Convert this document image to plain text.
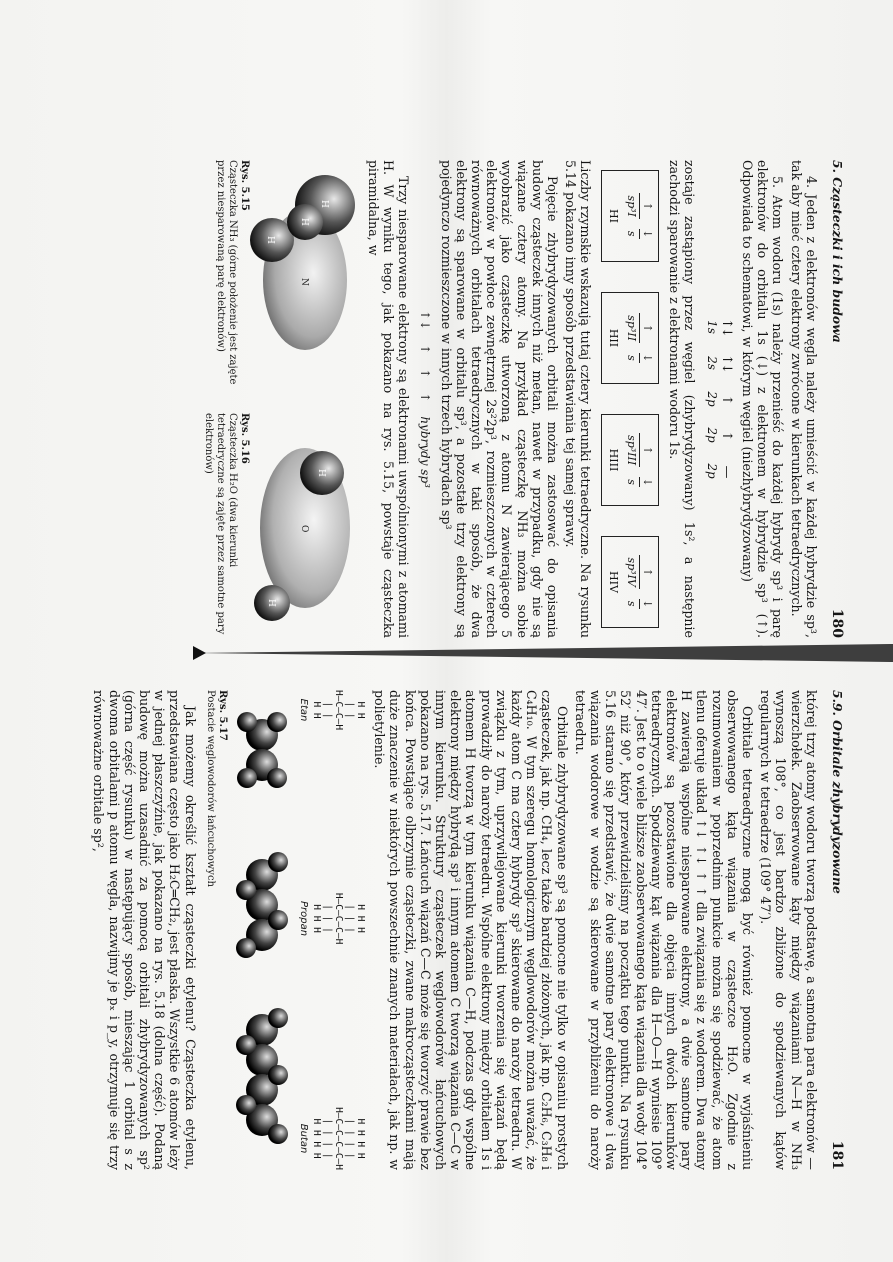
5. Cząsteczki i ich budowa
180

4. Jeden z elektronów węgla należy umieścić w każdej hybrydzie sp³, tak aby mieć cztery elektrony zwrócone w kierunkach tetraedrycznych.

5. Atom wodoru (1s) należy przenieść do każdej hybrydy sp³ i parę elektronów do orbitalu 1s (↓) z elektronem w hybrydzie sp³ (↑). Odpowiada to schematowi, w którym węgiel (niezhybrydyzowany)

↑↓
1s
↑↓
2s
↑
2p
↑
2p
—
2p

zostaje zastąpiony przez węgiel (zhybrydyzowany) 1s², a następnie zachodzi sparowanie z elektronami wodoru 1s.

↑
sp³I
↓
s
HI
↑
sp³II
↓
s
HII
↑
sp³III
↓
s
HIII
↑
sp³IV
↓
s
HIV

Liczby rzymskie wskazują tutaj cztery kierunki tetraedryczne. Na rysunku 5.14 pokazano inny sposób przedstawiania tej samej sprawy.

Pojęcie zhybrydyzowanych orbitali można zastosować do opisania budowy cząsteczek innych niż metan, nawet w przypadku, gdy nie są wiązane cztery atomy. Na przykład cząsteczkę NH₃ można sobie wyobrazić jako cząsteczkę utworzoną z atomu N zawierającego 5 elektronów w powłoce zewnętrznej 2s²2p³, rozmieszczonych w czterech równoważnych orbitalach tetraedrycznych w taki sposób, że dwa elektrony są sparowane w orbitalu sp³, a pozostałe trzy elektrony są pojedynczo rozmieszczone w innych trzech hybrydach sp³

↑↓
↑
↑
↑
hybrydy sp³

Trzy niesparowane elektrony są elektronami uwspólnionymi z atomami H. W wyniku tego, jak pokazano na rys. 5.15, powstaje cząsteczka piramidalna, w

H
H
N
H
Rys. 5.15
Cząsteczka NH₃ (górne położenie jest zajęte przez niesparowaną parę elektronów)
H
O
H
Rys. 5.16
Cząsteczka H₂O (dwa kierunki tetraedryczne są zajęte przez samotne pary elektronów)
5.9. Orbitale zhybrydyzowane
181

której trzy atomy wodoru tworzą podstawę, a samotna para elektronów — wierzchołek. Zaobserwowane kąty między wiązaniami N—H w NH₃ wynoszą 108°, co jest bardzo zbliżone do spodziewanych kątów regularnych w tetraedrze (109° 47′).

Orbitale tetraedryczne mogą być również pomocne w wyjaśnieniu obserwowanego kąta wiązania w cząsteczce H₂O. Zgodnie z rozumowaniem w poprzednim punkcie można się spodziewać, że atom tlenu oferuje układ ↑↓ ↑↓ ↑ ↑ dla związania się z wodorem. Dwa atomy H zawierają wspólne niesparowane elektrony, a dwie samotne pary elektronów są pozostawione dla objęcia innych dwóch kierunków tetraedrycznych. Spodziewany kąt wiązania dla H—O—H wyniesie 109° 47′. Jest to o wiele bliższe zaobserwowanego kąta wiązania dla wody 104° 52′ niż 90°, który przewidzieliśmy na początku tego punktu. Na rysunku 5.16 starano się przedstawić, że dwie samotne pary elektronowe i dwa wiązania wodorowe w wodzie są skierowane w przybliżeniu do naroży tetraedru.

Orbitale zhybrydyzowane sp³ są pomocne nie tylko w opisaniu prostych cząsteczek, jak np. CH₄, lecz także bardziej złożonych, jak np. C₂H₆, C₃H₈ i C₄H₁₀. W tym szeregu homologicznym węglowodorów można uważać, że każdy atom C ma cztery hybrydy sp³ skierowane do naroży tetraedru. W związku z tym, uprzywilejowane kierunki tworzenia się wiązań będą prowadziły do naroży tetraedru. Wspólne elektrony między orbitalem 1s i atomem H tworzą w tym kierunku wiązania C—H, podczas gdy wspólne elektrony między hybrydą sp³ i innym atomem C tworzą wiązania C—C w innym kierunku. Struktury cząsteczek węglowodorów łańcuchowych pokazano na rys. 5.17. Łańcuch wiązań C—C może się tworzyć prawie bez końca. Powstające olbrzymie cząsteczki, zwane makrocząsteczkami mają duże znaczenie w niektórych powszechnie znanych materiałach, jak np. w polietylenie.

H H
| |
H—C—C—H
| |
H H
Etan
H H H
| | |
H—C—C—C—H
| | |
H H H
Propan
H H H H
| | | |
H—C—C—C—C—H
| | | |
H H H H
Butan
Rys. 5.17
Postacie węglowodorów łańcuchowych

Jak możemy określić kształt cząsteczki etylenu? Cząsteczka etylenu, przedstawiana często jako H₂C═CH₂, jest płaska. Wszystkie 6 atomów leży w jednej płaszczyźnie, jak pokazano na rys. 5.18 (dolna część). Podaną budowę można uzasadnić za pomocą orbitali zhybrydyzowanych sp² (górna część rysunku) w następujący sposób, mieszając 1 orbital s z dwoma orbitalami p atomu węgla, nazwijmy je pₓ i p_y, otrzymuje się trzy równoważne orbitale sp²,
